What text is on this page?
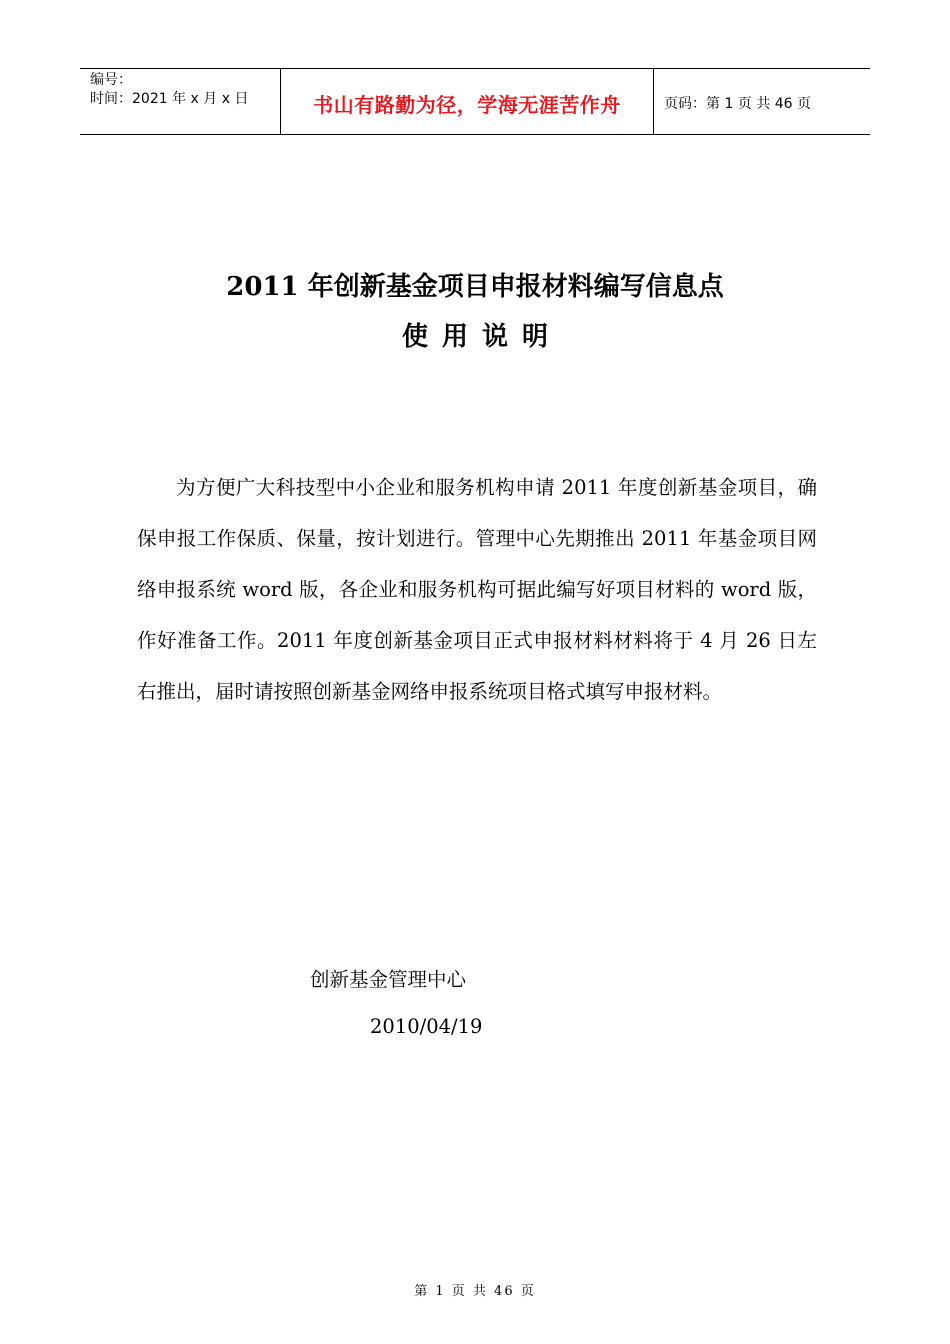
编号：
时间：2021 年 x 月 x 日	书山有路勤为径，学海无涯苦作舟	页码：第 1 页 共 46 页
2011 年创新基金项目申报材料编写信息点
使用说明
为方便广大科技型中小企业和服务机构申请 2011 年度创新基金项目，确保申报工作保质、保量，按计划进行。管理中心先期推出 2011 年基金项目网络申报系统 word 版，各企业和服务机构可据此编写好项目材料的 word 版，作好准备工作。2011 年度创新基金项目正式申报材料材料将于 4 月 26 日左右推出，届时请按照创新基金网络申报系统项目格式填写申报材料。
创新基金管理中心
2010/04/19
第 1 页 共 46 页
